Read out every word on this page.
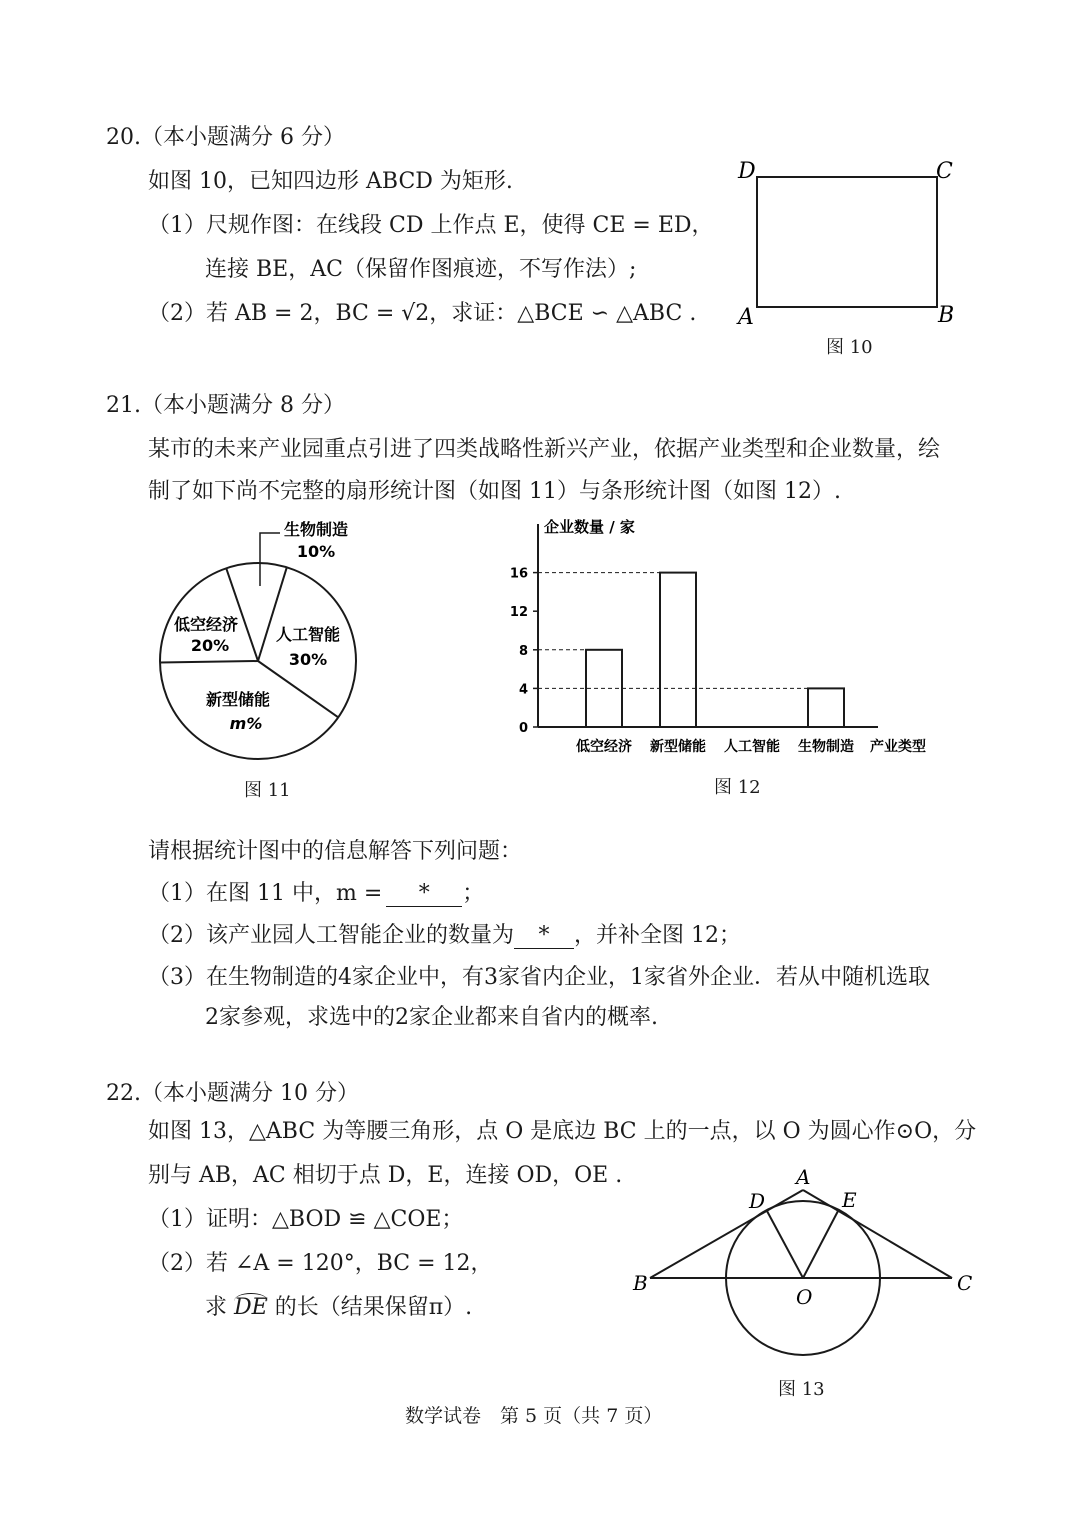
20.（本小题满分 6 分）
如图 10，已知四边形 ABCD 为矩形.
（1）尺规作图：在线段 CD 上作点 E，使得 CE = ED，
连接 BE，AC（保留作图痕迹，不写作法）;
（2）若 AB = 2，BC = √2，求证：△BCE ∽ △ABC .
D	C
A	B
图 10
21.（本小题满分 8 分）
某市的未来产业园重点引进了四类战略性新兴产业，依据产业类型和企业数量，绘
制了如下尚不完整的扇形统计图（如图 11）与条形统计图（如图 12）.
生物制造
10%
人工智能
30%
新型储能
m%
低空经济
20%
图 11
企业数量 / 家
0
4
8
12
16
低空经济 新型储能 人工智能 生物制造 产业类型
图 12
请根据统计图中的信息解答下列问题：
（1）在图 11 中，m = * ；
（2）该产业园人工智能企业的数量为 * ，并补全图 12；
（3）在生物制造的4家企业中，有3家省内企业，1家省外企业．若从中随机选取
2家参观，求选中的2家企业都来自省内的概率.
22.（本小题满分 10 分）
如图 13，△ABC 为等腰三角形，点 O 是底边 BC 上的一点，以 O 为圆心作⊙O，分
别与 AB，AC 相切于点 D，E，连接 OD，OE .
（1）证明：△BOD ≌ △COE；
（2）若 ∠A = 120°，BC = 12，
求 DE 的长（结果保留π）.
A
D	E
B
O
C
图 13
数学试卷　第 5 页（共 7 页）
